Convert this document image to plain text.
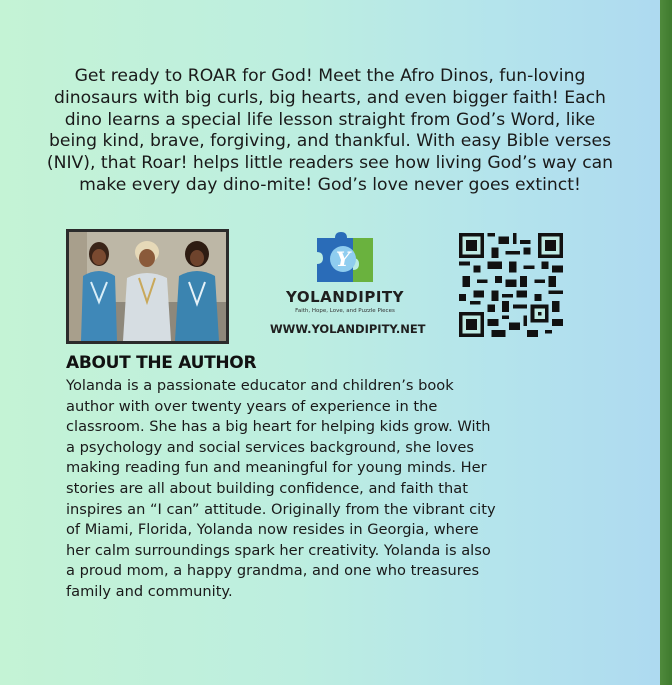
Get ready to ROAR for God! Meet the Afro Dinos, fun-loving dinosaurs with big curls, big hearts, and even bigger faith! Each dino learns a special life lesson straight from God’s Word, like being kind, brave, forgiving, and thankful. With easy Bible verses (NIV), that Roar! helps little readers see how living God’s way can make every day dino-mite! God’s love never goes extinct!

Y
YOLANDIPITY
Faith, Hope, Love, and Puzzle Pieces
WWW.YOLANDIPITY.NET
ABOUT THE AUTHOR

Yolanda is a passionate educator and children’s book author with over twenty years of experience in the classroom. She has a big heart for helping kids grow. With a psychology and social services background, she loves making reading fun and meaningful for young minds. Her stories are all about building confidence, and faith that inspires an “I can” attitude. Originally from the vibrant city of Miami, Florida, Yolanda now resides in Georgia, where her calm surroundings spark her creativity. Yolanda is also a proud mom, a happy grandma, and one who treasures family and community.
